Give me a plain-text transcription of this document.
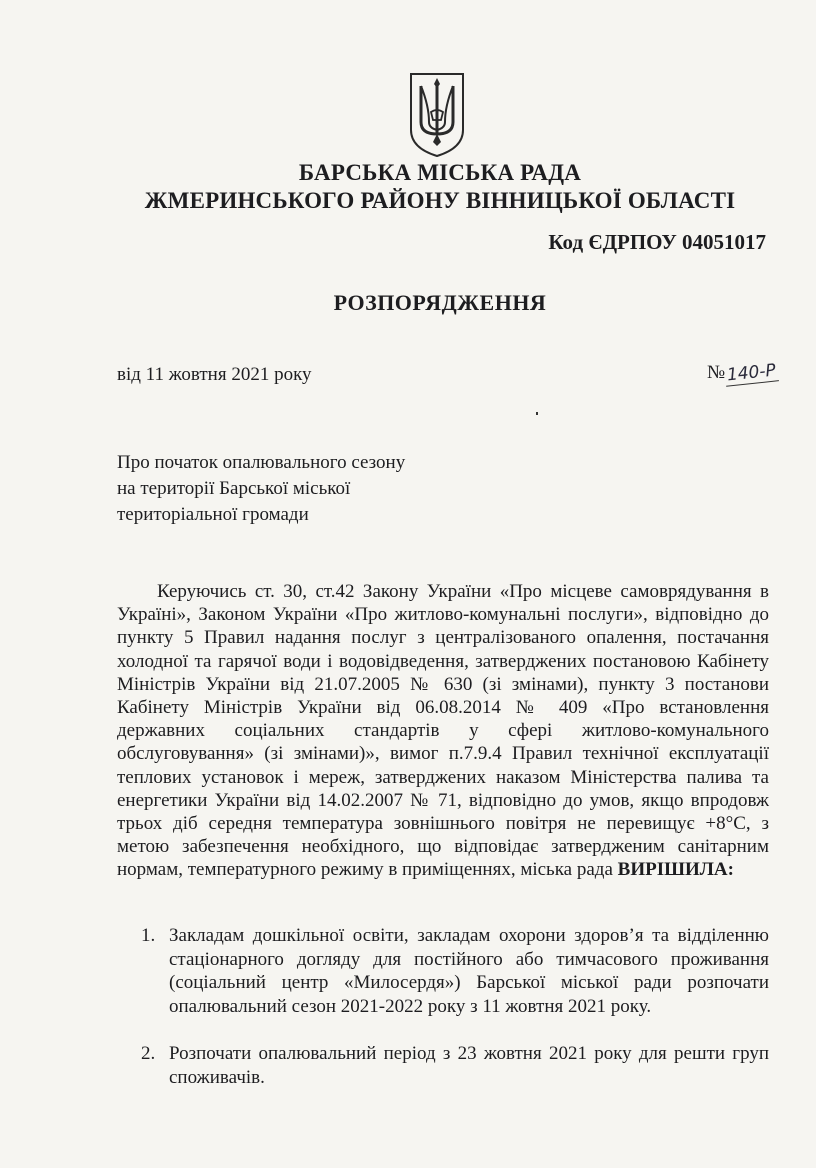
БАРСЬКА МІСЬКА РАДА
ЖМЕРИНСЬКОГО РАЙОНУ ВІННИЦЬКОЇ ОБЛАСТІ
Код ЄДРПОУ 04051017
РОЗПОРЯДЖЕННЯ
від 11 жовтня 2021 року	№140-Р
Про початок опалювального сезону
на території Барської міської
територіальної громади
Керуючись ст. 30, ст.42 Закону України «Про місцеве самоврядування в Україні», Законом України «Про житлово-комунальні послуги», відповідно до пункту 5 Правил надання послуг з централізованого опалення, постачання холодної та гарячої води і водовідведення, затверджених постановою Кабінету Міністрів України від 21.07.2005 № 630 (зі змінами), пункту 3 постанови Кабінету Міністрів України від 06.08.2014 № 409 «Про встановлення державних соціальних стандартів у сфері житлово-комунального обслуговування» (зі змінами)», вимог п.7.9.4 Правил технічної експлуатації теплових установок і мереж, затверджених наказом Міністерства палива та енергетики України від 14.02.2007 № 71, відповідно до умов, якщо впродовж трьох діб середня температура зовнішнього повітря не перевищує +8°С, з метою забезпечення необхідного, що відповідає затвердженим санітарним нормам, температурного режиму в приміщеннях, міська рада ВИРІШИЛА:
1. Закладам дошкільної освіти, закладам охорони здоров’я та відділенню стаціонарного догляду для постійного або тимчасового проживання (соціальний центр «Милосердя») Барської міської ради розпочати опалювальний сезон 2021-2022 року з 11 жовтня 2021 року.
2. Розпочати опалювальний період з 23 жовтня 2021 року для решти груп споживачів.
